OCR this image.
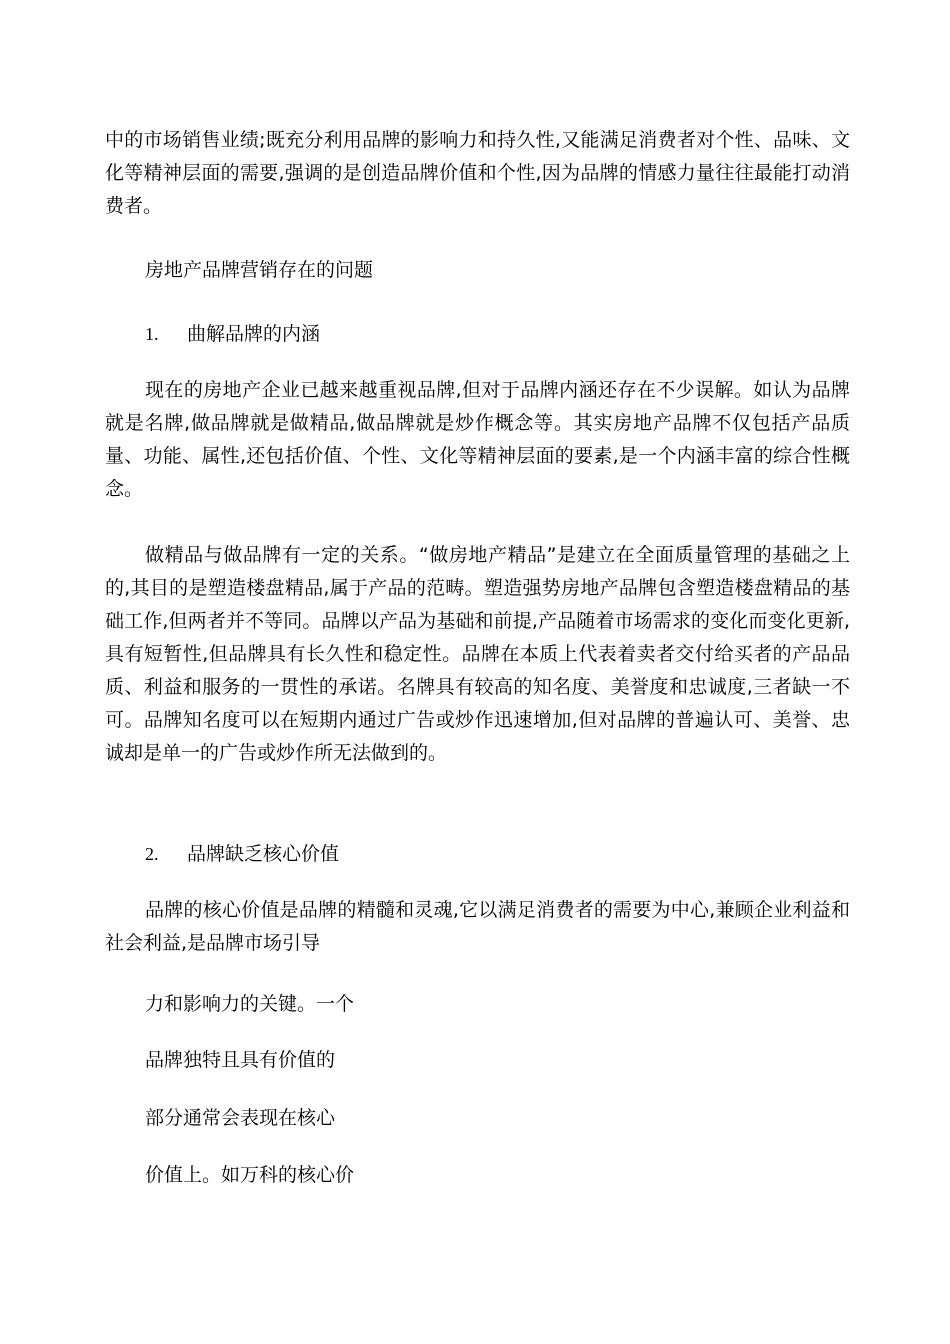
中的市场销售业绩;既充分利用品牌的影响力和持久性,又能满足消费者对个性、品味、文化等精神层面的需要,强调的是创造品牌价值和个性,因为品牌的情感力量往往最能打动消费者。

房地产品牌营销存在的问题

1. 曲解品牌的内涵

现在的房地产企业已越来越重视品牌,但对于品牌内涵还存在不少误解。如认为品牌就是名牌,做品牌就是做精品,做品牌就是炒作概念等。其实房地产品牌不仅包括产品质量、功能、属性,还包括价值、个性、文化等精神层面的要素,是一个内涵丰富的综合性概念。

做精品与做品牌有一定的关系。“做房地产精品”是建立在全面质量管理的基础之上的,其目的是塑造楼盘精品,属于产品的范畴。塑造强势房地产品牌包含塑造楼盘精品的基础工作,但两者并不等同。品牌以产品为基础和前提,产品随着市场需求的变化而变化更新,具有短暂性,但品牌具有长久性和稳定性。品牌在本质上代表着卖者交付给买者的产品品质、利益和服务的一贯性的承诺。名牌具有较高的知名度、美誉度和忠诚度,三者缺一不可。品牌知名度可以在短期内通过广告或炒作迅速增加,但对品牌的普遍认可、美誉、忠诚却是单一的广告或炒作所无法做到的。

2. 品牌缺乏核心价值

品牌的核心价值是品牌的精髓和灵魂,它以满足消费者的需要为中心,兼顾企业利益和社会利益,是品牌市场引导

力和影响力的关键。一个

品牌独特且具有价值的

部分通常会表现在核心

价值上。如万科的核心价
